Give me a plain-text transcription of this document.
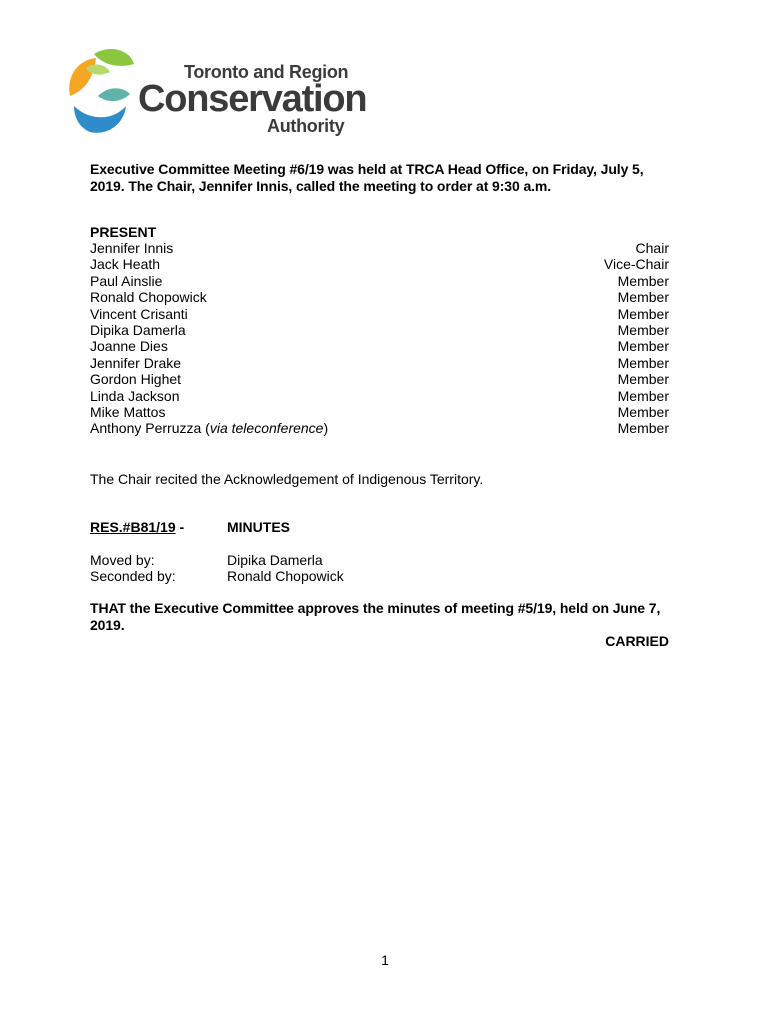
Toronto and Region
Conservation
Authority
Executive Committee Meeting #6/19 was held at TRCA Head Office, on Friday, July 5, 2019. The Chair, Jennifer Innis, called the meeting to order at 9:30 a.m.
PRESENT
Jennifer Innis	Chair
Jack Heath	Vice-Chair
Paul Ainslie	Member
Ronald Chopowick	Member
Vincent Crisanti	Member
Dipika Damerla	Member
Joanne Dies	Member
Jennifer Drake	Member
Gordon Highet	Member
Linda Jackson	Member
Mike Mattos	Member
Anthony Perruzza (via teleconference)	Member
The Chair recited the Acknowledgement of Indigenous Territory.
RES.#B81/19 -	MINUTES
Moved by:	Dipika Damerla
Seconded by:	Ronald Chopowick
THAT the Executive Committee approves the minutes of meeting #5/19, held on June 7, 2019.
CARRIED
1
